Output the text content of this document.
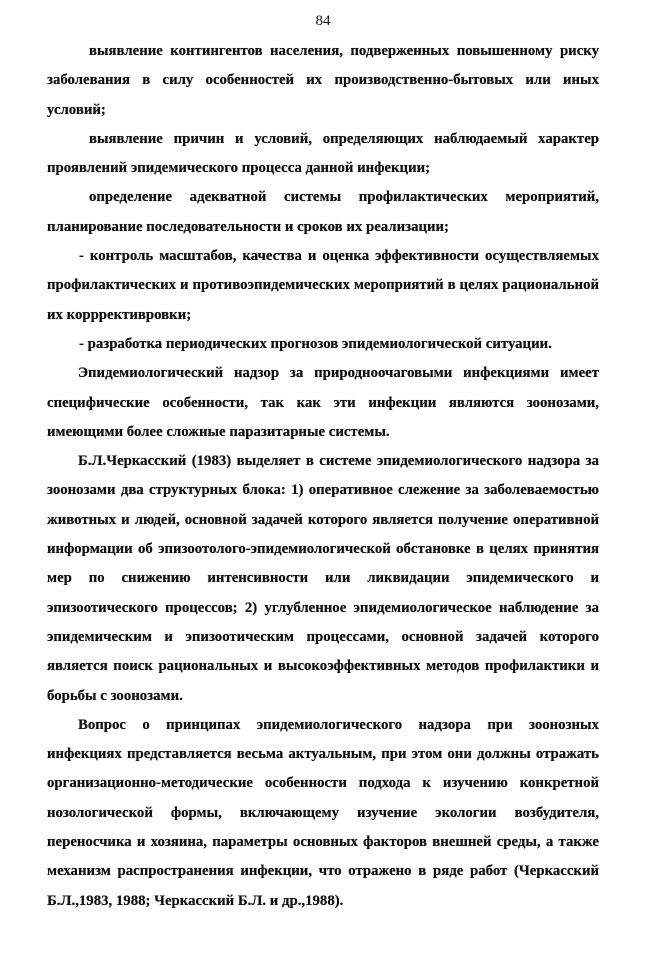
84

выявление контингентов населения, подверженных повышенному риску заболевания в силу особенностей их производственно-бытовых или иных условий;

выявление причин и условий, определяющих наблюдаемый характер проявлений эпидемического процесса данной инфекции;

определение адекватной системы профилактических мероприятий, планирование последовательности и сроков их реализации;

- контроль масштабов, качества и оценка эффективности осуществляемых профилактических и противоэпидемических мероприятий в целях рациональной их корррективровки;

- разработка периодических прогнозов эпидемиологической ситуации.

Эпидемиологический надзор за природноочаговыми инфекциями имеет специфические особенности, так как эти инфекции являются зоонозами, имеющими более сложные паразитарные системы.

Б.Л.Черкасский (1983) выделяет в системе эпидемиологического надзора за зоонозами два структурных блока: 1) оперативное слежение за заболеваемостью животных и людей, основной задачей которого является получение оперативной информации об эпизоотолого-эпидемиологической обстановке в целях принятия мер по снижению интенсивности или ликвидации эпидемического и эпизоотического процессов; 2) углубленное эпидемиологическое наблюдение за эпидемическим и эпизоотическим процессами, основной задачей которого является поиск рациональных и высокоэффективных методов профилактики и борьбы с зоонозами.

Вопрос о принципах эпидемиологического надзора при зоонозных инфекциях представляется весьма актуальным, при этом они должны отражать организационно-методические особенности подхода к изучению конкретной нозологической формы, включающему изучение экологии возбудителя, переносчика и хозяина, параметры основных факторов внешней среды, а также механизм распространения инфекции, что отражено в ряде работ (Черкасский Б.Л.,1983, 1988; Черкасский Б.Л. и др.,1988).
